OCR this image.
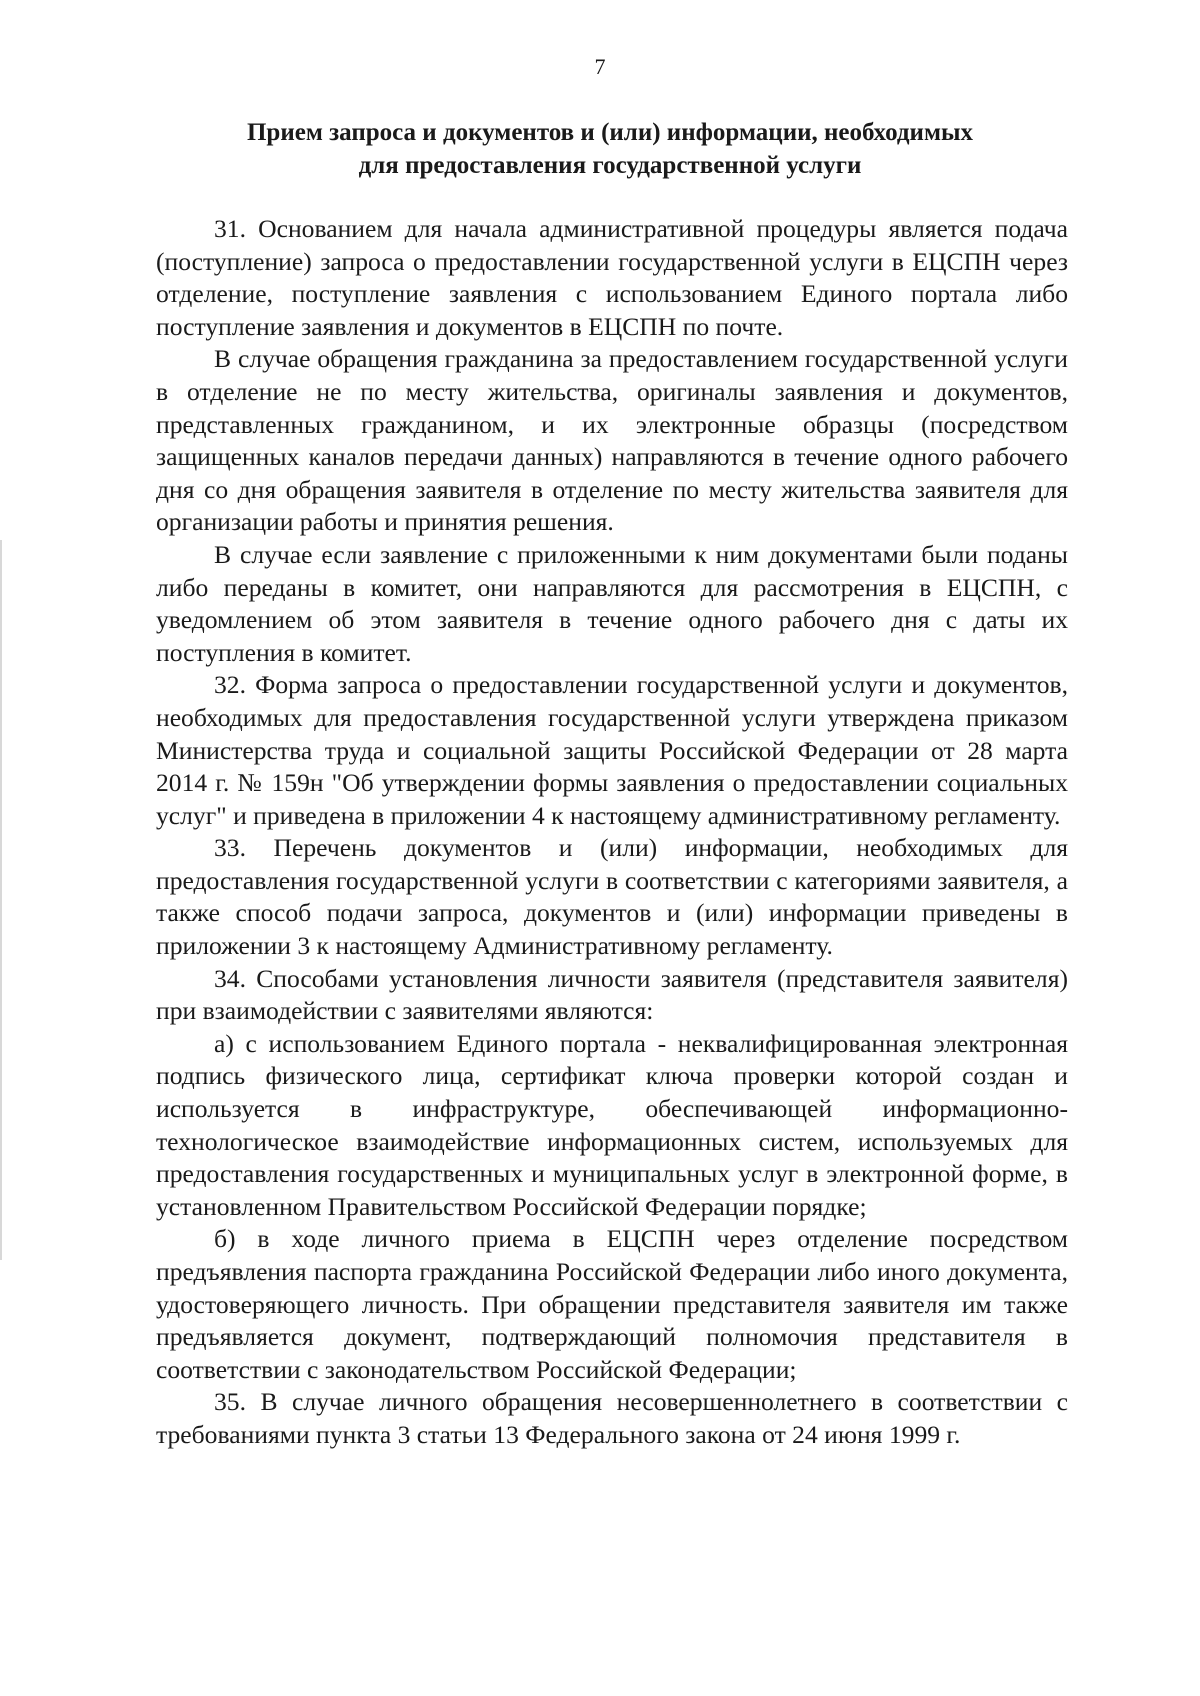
7
Прием запроса и документов и (или) информации, необходимых
для предоставления государственной услуги

31. Основанием для начала административной процедуры является подача (поступление) запроса о предоставлении государственной услуги в ЕЦСПН через отделение, поступление заявления с использованием Единого портала либо поступление заявления и документов в ЕЦСПН по почте.

В случае обращения гражданина за предоставлением государственной услуги в отделение не по месту жительства, оригиналы заявления и документов, представленных гражданином, и их электронные образцы (посредством защищенных каналов передачи данных) направляются в течение одного рабочего дня со дня обращения заявителя в отделение по месту жительства заявителя для организации работы и принятия решения.

В случае если заявление с приложенными к ним документами были поданы либо переданы в комитет, они направляются для рассмотрения в ЕЦСПН, с уведомлением об этом заявителя в течение одного рабочего дня с даты их поступления в комитет.

32. Форма запроса о предоставлении государственной услуги и документов, необходимых для предоставления государственной услуги утверждена приказом Министерства труда и социальной защиты Российской Федерации от 28 марта 2014 г. № 159н "Об утверждении формы заявления о предоставлении социальных услуг" и приведена в приложении 4 к настоящему административному регламенту.

33. Перечень документов и (или) информации, необходимых для предоставления государственной услуги в соответствии с категориями заявителя, а также способ подачи запроса, документов и (или) информации приведены в приложении 3 к настоящему Административному регламенту.

34. Способами установления личности заявителя (представителя заявителя) при взаимодействии с заявителями являются:

а) с использованием Единого портала - неквалифицированная электронная подпись физического лица, сертификат ключа проверки которой создан и используется в инфраструктуре, обеспечивающей информационно-технологическое взаимодействие информационных систем, используемых для предоставления государственных и муниципальных услуг в электронной форме, в установленном Правительством Российской Федерации порядке;

б) в ходе личного приема в ЕЦСПН через отделение посредством предъявления паспорта гражданина Российской Федерации либо иного документа, удостоверяющего личность. При обращении представителя заявителя им также предъявляется документ, подтверждающий полномочия представителя в соответствии с законодательством Российской Федерации;

35. В случае личного обращения несовершеннолетнего в соответствии с требованиями пункта 3 статьи 13 Федерального закона от 24 июня 1999 г.
